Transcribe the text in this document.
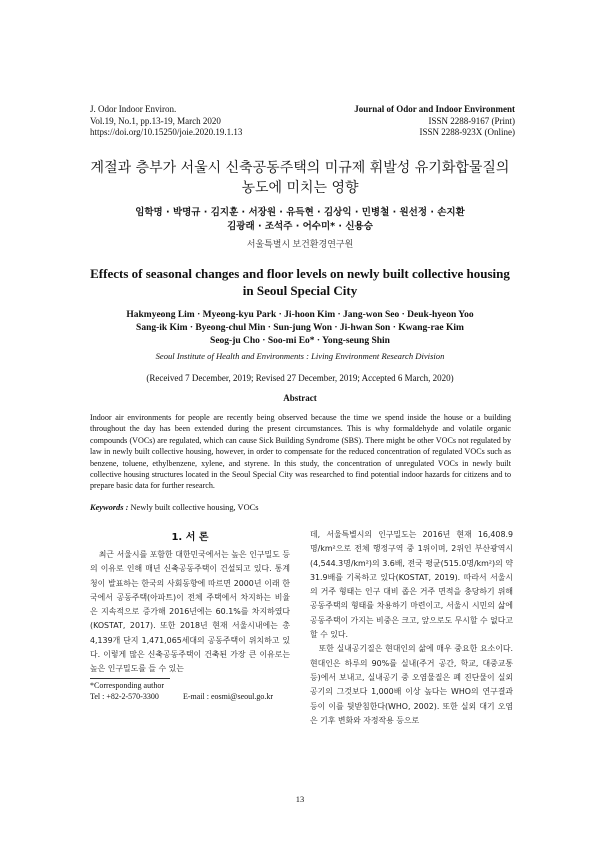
J. Odor Indoor Environ.
Vol.19, No.1, pp.13-19, March 2020
https://doi.org/10.15250/joie.2020.19.1.13
Journal of Odor and Indoor Environment
ISSN 2288-9167 (Print)
ISSN 2288-923X (Online)
계절과 층부가 서울시 신축공동주택의 미규제 휘발성 유기화합물질의
농도에 미치는 영향
임학명 · 박명규 · 김지훈 · 서장원 · 유득현 · 김상익 · 민병철 · 원선정 · 손지환
김광래 · 조석주 · 어수미* · 신용승
서울특별시 보건환경연구원
Effects of seasonal changes and floor levels on newly built collective housing
in Seoul Special City
Hakmyeong Lim · Myeong-kyu Park · Ji-hoon Kim · Jang-won Seo · Deuk-hyeon Yoo
Sang-ik Kim · Byeong-chul Min · Sun-jung Won · Ji-hwan Son · Kwang-rae Kim
Seog-ju Cho · Soo-mi Eo* · Yong-seung Shin
Seoul Institute of Health and Environments : Living Environment Research Division
(Received 7 December, 2019; Revised 27 December, 2019; Accepted 6 March, 2020)
Abstract
Indoor air environments for people are recently being observed because the time we spend inside the house or a building throughout the day has been extended during the present circumstances. This is why formaldehyde and volatile organic compounds (VOCs) are regulated, which can cause Sick Building Syndrome (SBS). There might be other VOCs not regulated by law in newly built collective housing, however, in order to compensate for the reduced concentration of regulated VOCs such as benzene, toluene, ethylbenzene, xylene, and styrene. In this study, the concentration of unregulated VOCs in newly built collective housing structures located in the Seoul Special City was researched to find potential indoor hazards for citizens and to prepare basic data for further research.
Keywords : Newly built collective housing, VOCs
1. 서 론

최근 서울시를 포함한 대한민국에서는 높은 인구밀도 등의 이유로 인해 매년 신축공동주택이 건설되고 있다. 통계청이 발표하는 한국의 사회동향에 따르면 2000년 이래 한국에서 공동주택(아파트)이 전체 주택에서 차지하는 비율은 지속적으로 증가해 2016년에는 60.1%를 차지하였다(KOSTAT, 2017). 또한 2018년 현재 서울시내에는 총 4,139개 단지 1,471,065세대의 공동주택이 위치하고 있다. 이렇게 많은 신축공동주택이 건축된 가장 큰 이유로는 높은 인구밀도를 들 수 있는

데, 서울특별시의 인구밀도는 2016년 현재 16,408.9명/km²으로 전체 행정구역 중 1위이며, 2위인 부산광역시(4,544.3명/km²)의 3.6배, 전국 평균(515.0명/km²)의 약 31.9배를 기록하고 있다(KOSTAT, 2019). 따라서 서울시의 거주 형태는 인구 대비 좁은 거주 면적을 충당하기 위해 공동주택의 형태를 차용하기 마련이고, 서울시 시민의 삶에 공동주택이 가지는 비중은 크고, 앞으로도 무시할 수 없다고 할 수 있다.

또한 실내공기질은 현대인의 삶에 매우 중요한 요소이다. 현대인은 하루의 90%를 실내(주거 공간, 학교, 대중교통 등)에서 보내고, 실내공기 중 오염물질은 폐 진단물이 실외공기의 그것보다 1,000배 이상 높다는 WHO의 연구결과 등이 이를 뒷받침한다(WHO, 2002). 또한 실외 대기 오염은 기후 변화와 자정작용 등으로

*Corresponding author
Tel : +82-2-570-3300	E-mail : eosmi@seoul.go.kr
13
